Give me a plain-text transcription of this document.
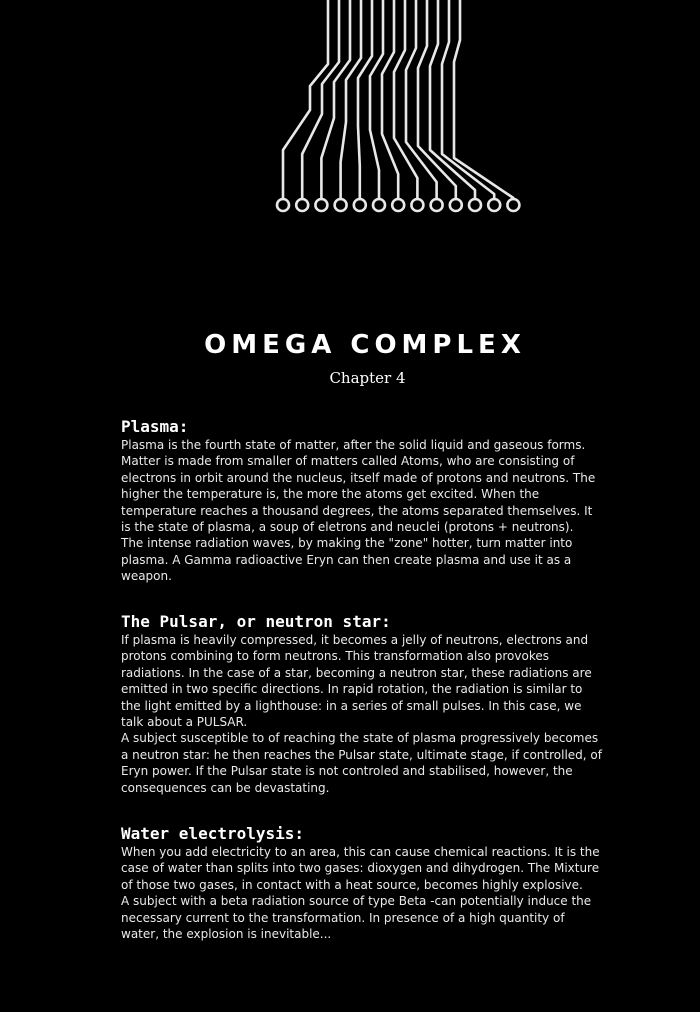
OMEGA COMPLEX
Chapter 4

Plasma:

Plasma is the fourth state of matter, after the solid liquid and gaseous forms.
Matter is made from smaller of matters called Atoms, who are consisting of
electrons in orbit around the nucleus, itself made of protons and neutrons. The
higher the temperature is, the more the atoms get excited. When the
temperature reaches a thousand degrees, the atoms separated themselves. It
is the state of plasma, a soup of eletrons and neuclei (protons + neutrons).
The intense radiation waves, by making the "zone" hotter, turn matter into
plasma. A Gamma radioactive Eryn can then create plasma and use it as a
weapon.

The Pulsar, or neutron star:

If plasma is heavily compressed, it becomes a jelly of neutrons, electrons and
protons combining to form neutrons. This transformation also provokes
radiations. In the case of a star, becoming a neutron star, these radiations are
emitted in two specific directions. In rapid rotation, the radiation is similar to
the light emitted by a lighthouse: in a series of small pulses. In this case, we
talk about a PULSAR.
A subject susceptible to of reaching the state of plasma progressively becomes
a neutron star: he then reaches the Pulsar state, ultimate stage, if controlled, of
Eryn power. If the Pulsar state is not controled and stabilised, however, the
consequences can be devastating.

Water electrolysis:

When you add electricity to an area, this can cause chemical reactions. It is the
case of water than splits into two gases: dioxygen and dihydrogen. The Mixture
of those two gases, in contact with a heat source, becomes highly explosive.
A subject with a beta radiation source of type Beta -can potentially induce the
necessary current to the transformation. In presence of a high quantity of
water, the explosion is inevitable...
